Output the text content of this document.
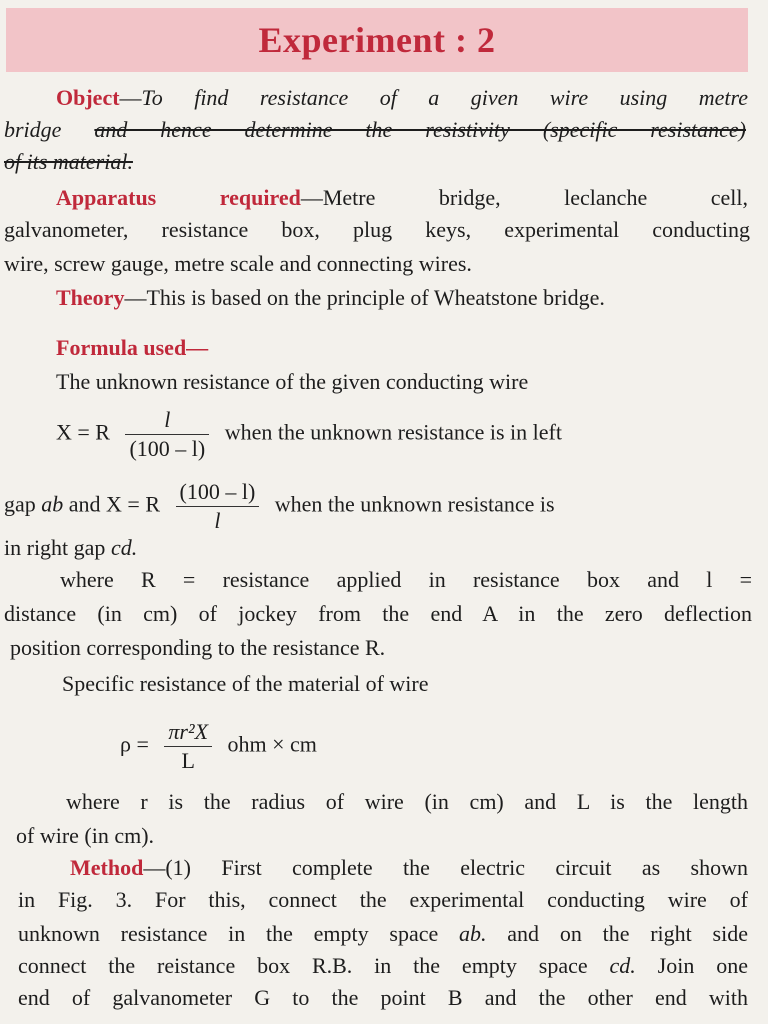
Experiment : 2
Object—To find resistance of a given wire using metre
bridge and hence determine the resistivity (specific resistance)
of its material.
Apparatus required—Metre bridge, leclanche cell,
galvanometer, resistance box, plug keys, experimental conducting
wire, screw gauge, metre scale and connecting wires.
Theory—This is based on the principle of Wheatstone bridge.
Formula used—
The unknown resistance of the given conducting wire
X = R $\frac{l}{(100 - l)}$ when the unknown resistance is in left
gap ab and X = R $\frac{(100 - l)}{l}$ when the unknown resistance is
in right gap cd.
where R = resistance applied in resistance box and l =
distance (in cm) of jockey from the end A in the zero deflection
position corresponding to the resistance R.
Specific resistance of the material of wire
$\rho = \frac{\text{πr²X}}{L}$ ohm × cm
where r is the radius of wire (in cm) and L is the length
of wire (in cm).
Method—(1) First complete the electric circuit as shown
in Fig. 3. For this, connect the experimental conducting wire of
unknown resistance in the empty space ab. and on the right side
connect the reistance box R.B. in the empty space cd. Join one
end of galvanometer G to the point B and the other end with
